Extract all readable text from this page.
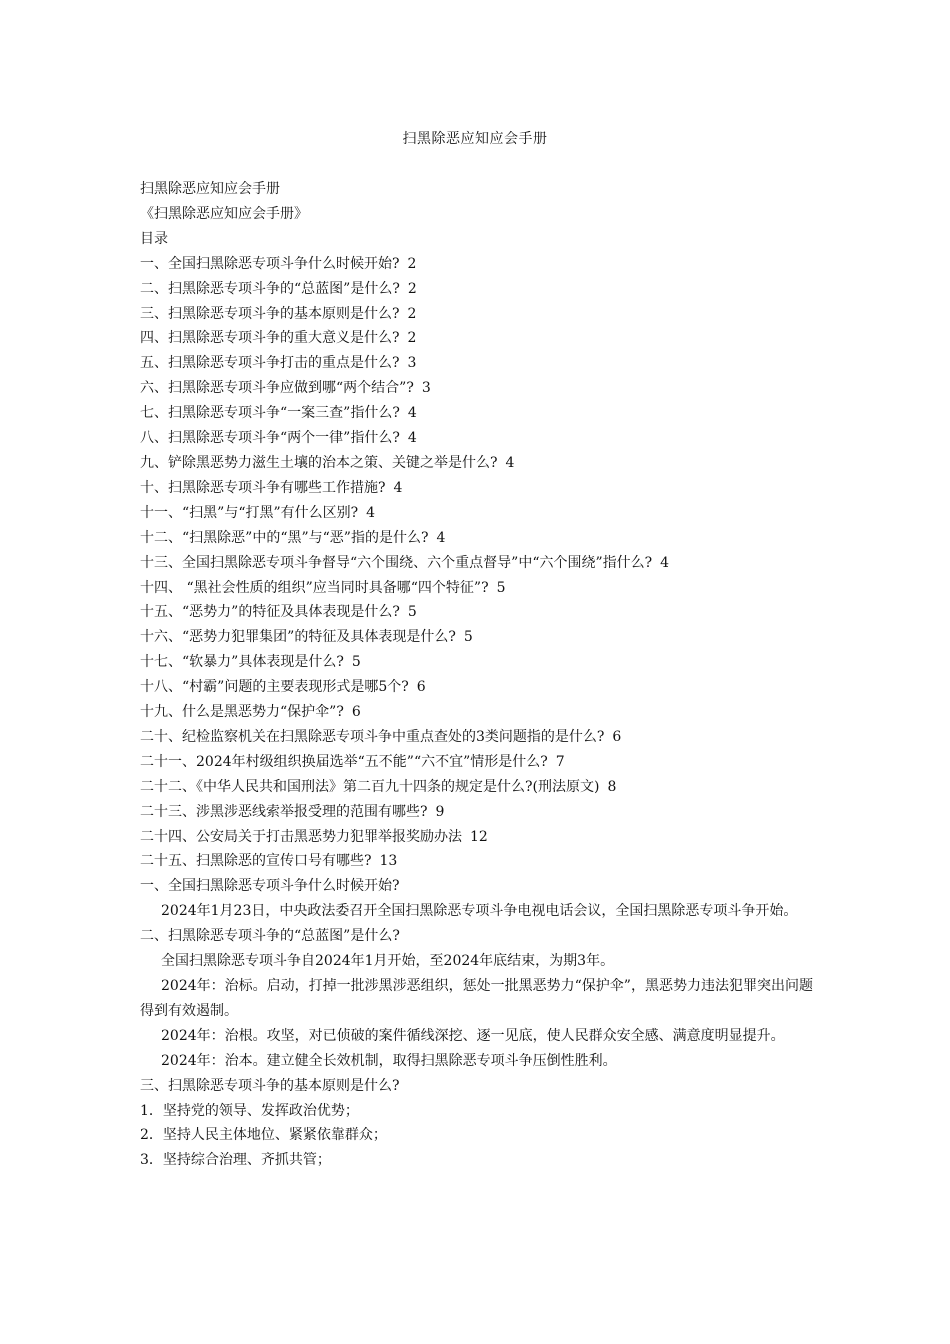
扫黑除恶应知应会手册

扫黑除恶应知应会手册

《扫黑除恶应知应会手册》

目录

一、全国扫黑除恶专项斗争什么时候开始? 2

二、扫黑除恶专项斗争的“总蓝图”是什么? 2

三、扫黑除恶专项斗争的基本原则是什么? 2

四、扫黑除恶专项斗争的重大意义是什么? 2

五、扫黑除恶专项斗争打击的重点是什么? 3

六、扫黑除恶专项斗争应做到哪“两个结合”? 3

七、扫黑除恶专项斗争“一案三查”指什么? 4

八、扫黑除恶专项斗争“两个一律”指什么? 4

九、铲除黑恶势力滋生土壤的治本之策、关键之举是什么? 4

十、扫黑除恶专项斗争有哪些工作措施? 4

十一、“扫黑”与“打黑”有什么区别? 4

十二、“扫黑除恶”中的“黑”与“恶”指的是什么? 4

十三、全国扫黑除恶专项斗争督导“六个围绕、六个重点督导”中“六个围绕”指什么? 4

十四、 “黑社会性质的组织”应当同时具备哪“四个特征”? 5

十五、“恶势力”的特征及具体表现是什么? 5

十六、“恶势力犯罪集团”的特征及具体表现是什么? 5

十七、“软暴力”具体表现是什么? 5

十八、“村霸”问题的主要表现形式是哪5个? 6

十九、什么是黑恶势力“保护伞”? 6

二十、纪检监察机关在扫黑除恶专项斗争中重点查处的3类问题指的是什么? 6

二十一、2024年村级组织换届选举“五不能”“六不宜”情形是什么? 7

二十二、《中华人民共和国刑法》第二百九十四条的规定是什么?(刑法原文) 8

二十三、涉黑涉恶线索举报受理的范围有哪些? 9

二十四、公安局关于打击黑恶势力犯罪举报奖励办法 12

二十五、扫黑除恶的宣传口号有哪些? 13

一、全国扫黑除恶专项斗争什么时候开始?

2024年1月23日，中央政法委召开全国扫黑除恶专项斗争电视电话会议，全国扫黑除恶专项斗争开始。

二、扫黑除恶专项斗争的“总蓝图”是什么?

全国扫黑除恶专项斗争自2024年1月开始，至2024年底结束，为期3年。

2024年：治标。启动，打掉一批涉黑涉恶组织，惩处一批黑恶势力“保护伞”，黑恶势力违法犯罪突出问题得到有效遏制。

2024年：治根。攻坚，对已侦破的案件循线深挖、逐一见底，使人民群众安全感、满意度明显提升。

2024年：治本。建立健全长效机制，取得扫黑除恶专项斗争压倒性胜利。

三、扫黑除恶专项斗争的基本原则是什么?

1．坚持党的领导、发挥政治优势；

2．坚持人民主体地位、紧紧依靠群众；

3．坚持综合治理、齐抓共管；
